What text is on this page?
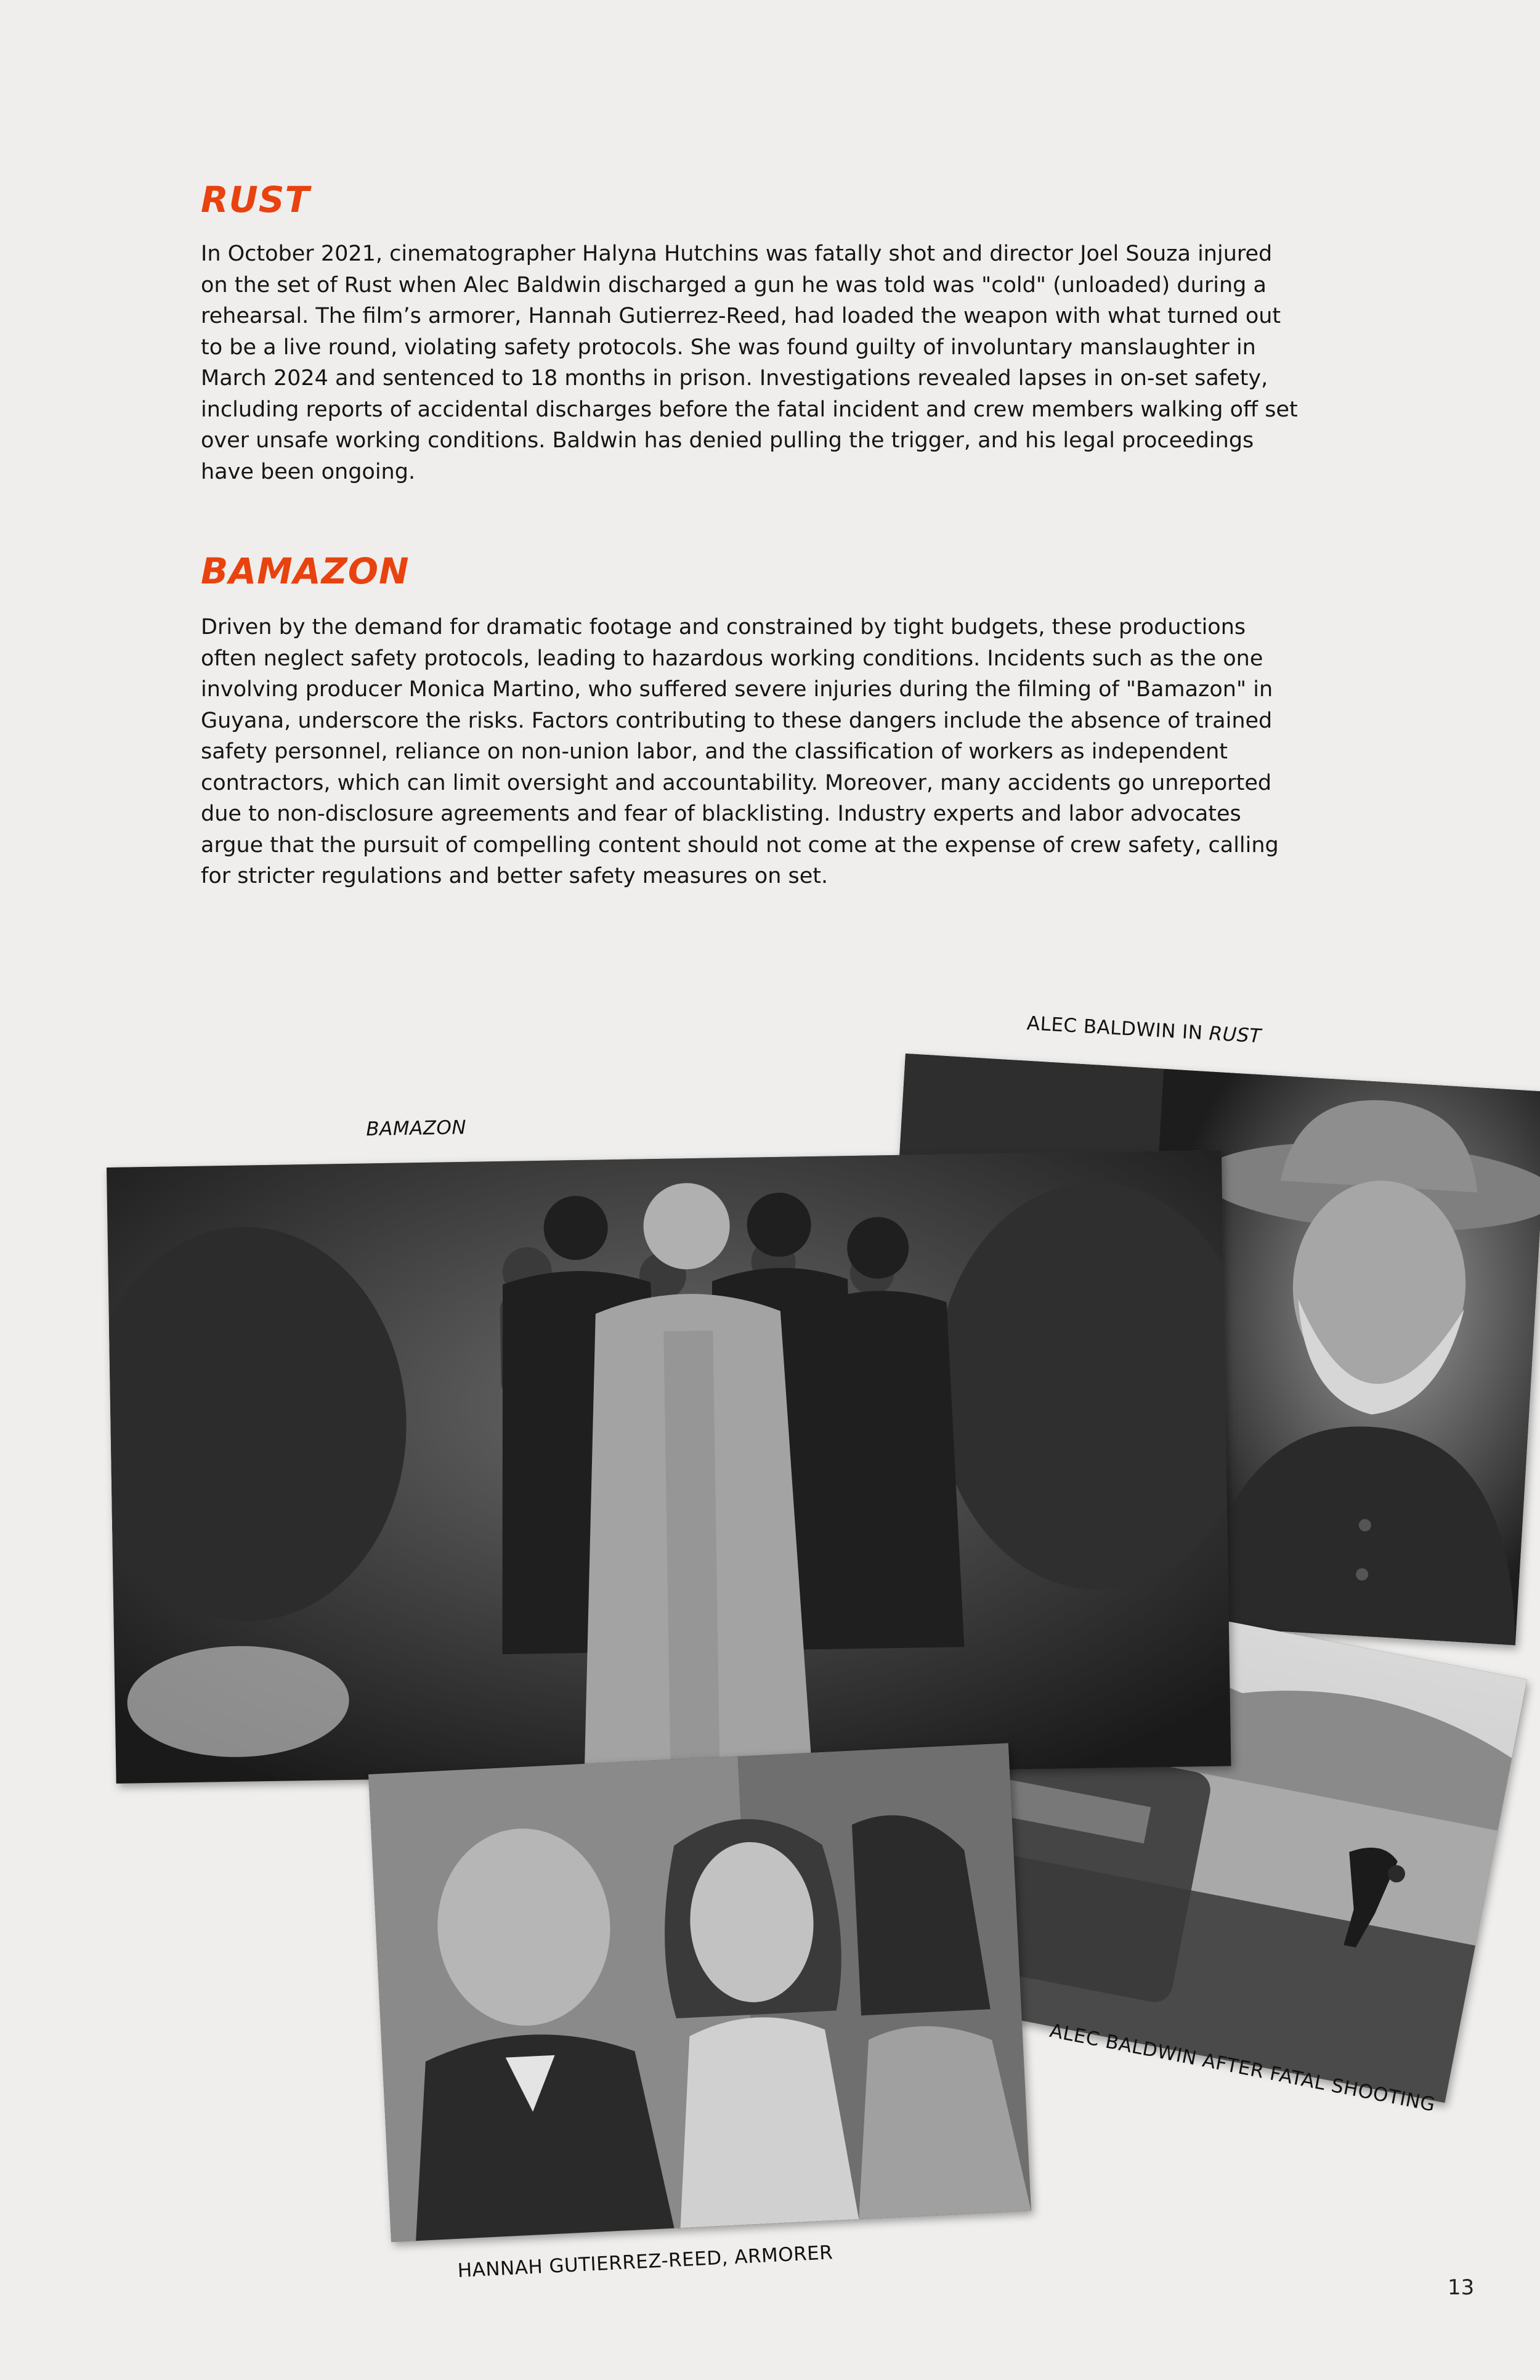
RUST

In October 2021, cinematographer Halyna Hutchins was fatally shot and director Joel Souza injured on the set of Rust when Alec Baldwin discharged a gun he was told was "cold" (unloaded) during a rehearsal. The film’s armorer, Hannah Gutierrez-Reed, had loaded the weapon with what turned out to be a live round, violating safety protocols. She was found guilty of involuntary manslaughter in March 2024 and sentenced to 18 months in prison. Investigations revealed lapses in on-set safety, including reports of accidental discharges before the fatal incident and crew members walking off set over unsafe working conditions. Baldwin has denied pulling the trigger, and his legal proceedings have been ongoing.

BAMAZON

Driven by the demand for dramatic footage and constrained by tight budgets, these productions often neglect safety protocols, leading to hazardous working conditions. Incidents such as the one involving producer Monica Martino, who suffered severe injuries during the filming of "Bamazon" in Guyana, underscore the risks. Factors contributing to these dangers include the absence of trained safety personnel, reliance on non-union labor, and the classification of workers as independent contractors, which can limit oversight and accountability. Moreover, many accidents go unreported due to non-disclosure agreements and fear of blacklisting. Industry experts and labor advocates argue that the pursuit of compelling content should not come at the expense of crew safety, calling for stricter regulations and better safety measures on set.

ALEC BALDWIN IN RUST

BAMAZON

ALEC BALDWIN AFTER FATAL SHOOTING

HANNAH GUTIERREZ-REED, ARMORER

13
